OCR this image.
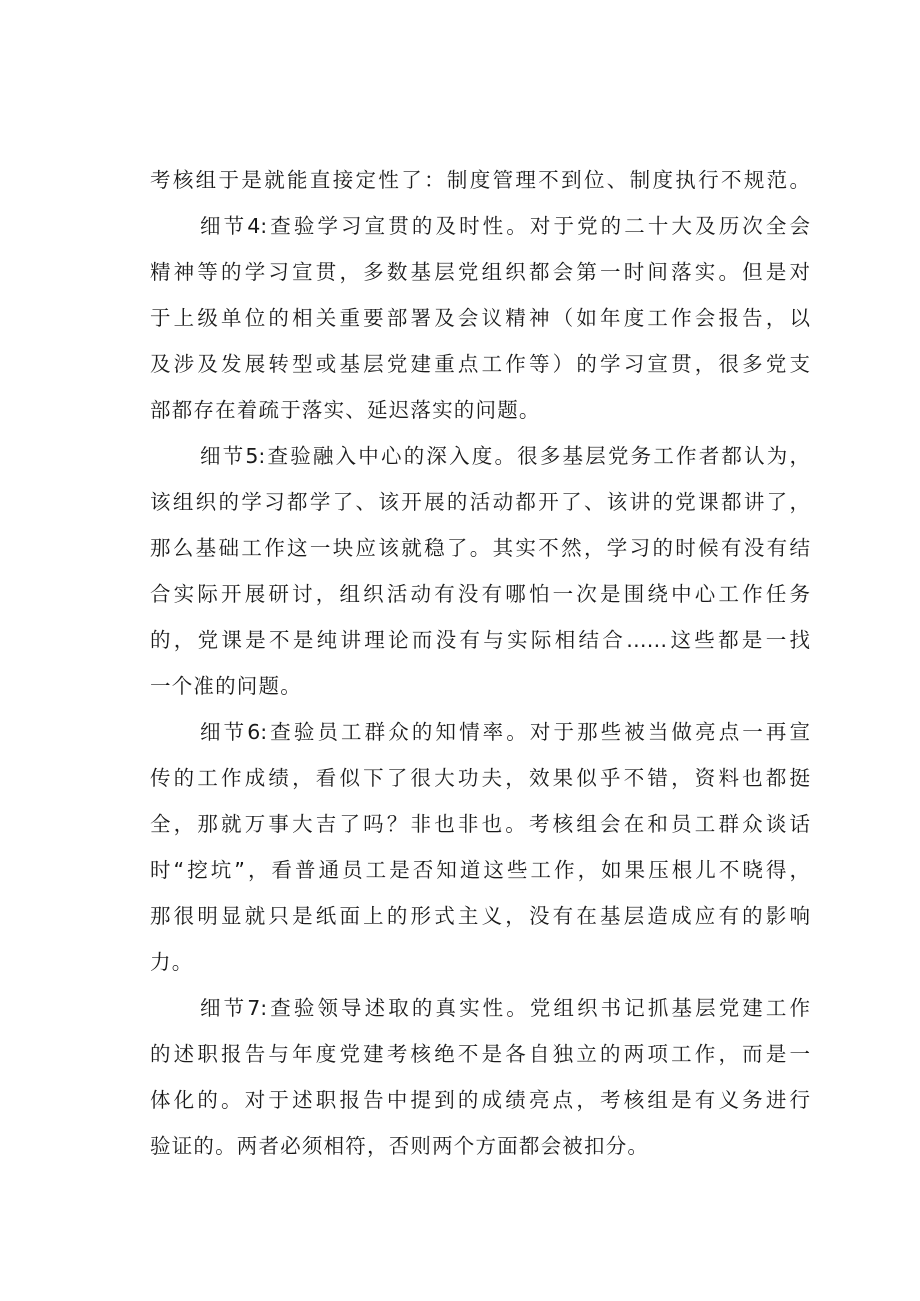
考核组于是就能直接定性了：制度管理不到位、制度执行不规范。
细节4:查验学习宣贯的及时性。对于党的二十大及历次全会
精神等的学习宣贯，多数基层党组织都会第一时间落实。但是对
于上级单位的相关重要部署及会议精神（如年度工作会报告，以
及涉及发展转型或基层党建重点工作等）的学习宣贯，很多党支
部都存在着疏于落实、延迟落实的问题。
细节5:查验融入中心的深入度。很多基层党务工作者都认为，
该组织的学习都学了、该开展的活动都开了、该讲的党课都讲了，
那么基础工作这一块应该就稳了。其实不然，学习的时候有没有结
合实际开展研讨，组织活动有没有哪怕一次是围绕中心工作任务
的，党课是不是纯讲理论而没有与实际相结合……这些都是一找
一个准的问题。
细节6:查验员工群众的知情率。对于那些被当做亮点一再宣
传的工作成绩，看似下了很大功夫，效果似乎不错，资料也都挺
全，那就万事大吉了吗？非也非也。考核组会在和员工群众谈话
时“挖坑”，看普通员工是否知道这些工作，如果压根儿不晓得，
那很明显就只是纸面上的形式主义，没有在基层造成应有的影响
力。
细节7:查验领导述取的真实性。党组织书记抓基层党建工作
的述职报告与年度党建考核绝不是各自独立的两项工作，而是一
体化的。对于述职报告中提到的成绩亮点，考核组是有义务进行
验证的。两者必须相符，否则两个方面都会被扣分。
